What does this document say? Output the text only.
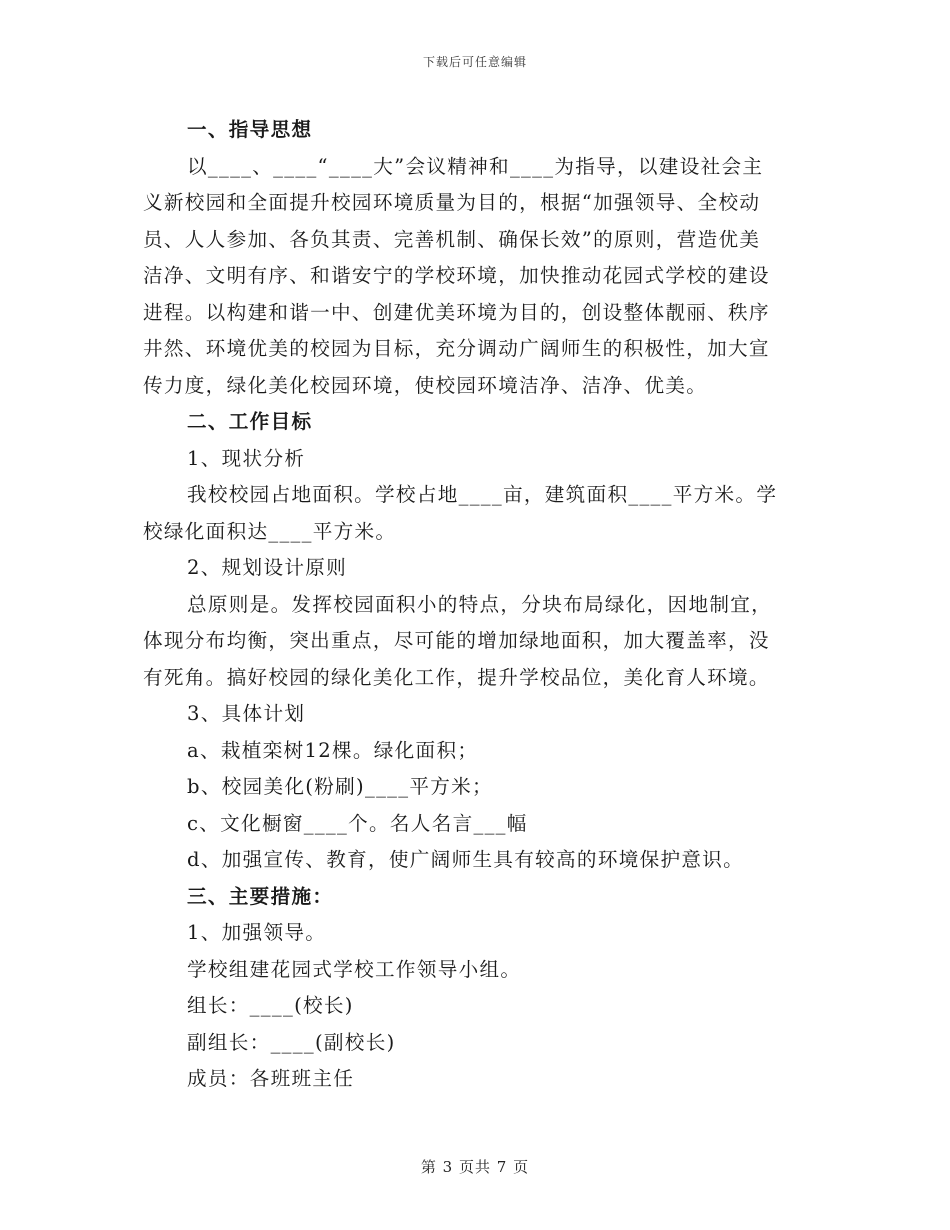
下载后可任意编辑
一、指导思想
以____、____“____大”会议精神和____为指导，以建设社会主
义新校园和全面提升校园环境质量为目的，根据“加强领导、全校动
员、人人参加、各负其责、完善机制、确保长效”的原则，营造优美
洁净、文明有序、和谐安宁的学校环境，加快推动花园式学校的建设
进程。以构建和谐一中、创建优美环境为目的，创设整体靓丽、秩序
井然、环境优美的校园为目标，充分调动广阔师生的积极性，加大宣
传力度，绿化美化校园环境，使校园环境洁净、洁净、优美。
二、工作目标
1、现状分析
我校校园占地面积。学校占地____亩，建筑面积____平方米。学
校绿化面积达____平方米。
2、规划设计原则
总原则是。发挥校园面积小的特点，分块布局绿化，因地制宜，
体现分布均衡，突出重点，尽可能的增加绿地面积，加大覆盖率，没
有死角。搞好校园的绿化美化工作，提升学校品位，美化育人环境。
3、具体计划
a、栽植栾树12棵。绿化面积；
b、校园美化(粉刷)____平方米；
c、文化橱窗____个。名人名言___幅
d、加强宣传、教育，使广阔师生具有较高的环境保护意识。
三、主要措施：
1、加强领导。
学校组建花园式学校工作领导小组。
组长：____(校长)
副组长：____(副校长)
成员：各班班主任
第 3 页共 7 页
